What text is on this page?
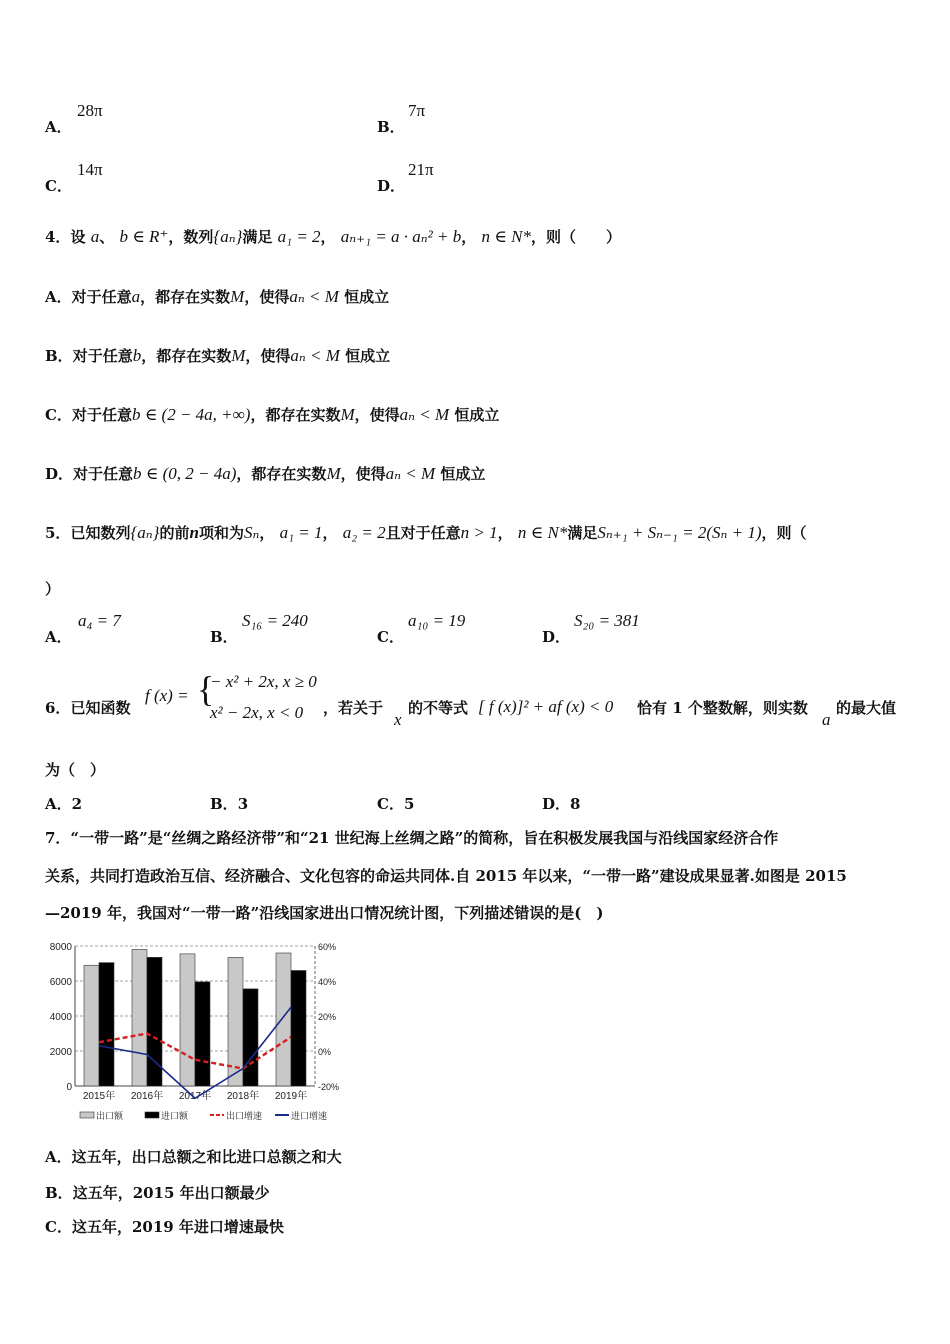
A．
28π
B．
7π
C．
14π
D．
21π
4．设 a、 b ∈ R⁺，数列{aₙ}满足 a₁ = 2， aₙ₊₁ = a · aₙ² + b， n ∈ N*，则（　　）
A．对于任意a，都存在实数M，使得aₙ < M 恒成立
B．对于任意b，都存在实数M，使得aₙ < M 恒成立
C．对于任意b ∈ (2 − 4a, +∞)，都存在实数M，使得aₙ < M 恒成立
D．对于任意b ∈ (0, 2 − 4a)，都存在实数M，使得aₙ < M 恒成立
5．已知数列{aₙ}的前n项和为Sₙ， a₁ = 1， a₂ = 2且对于任意n > 1， n ∈ N*满足Sₙ₊₁ + Sₙ₋₁ = 2(Sₙ + 1)，则（
）
A．
a₄ = 7
B．
S₁₆ = 240
C．
a₁₀ = 19
D．
S₂₀ = 381
6．已知函数
f (x) = {
− x² + 2x, x ≥ 0
x² − 2x, x < 0 ，若关于
x
的不等式 [ f (x)]² + af (x) < 0 恰有 1 个整数解，则实数
a
的最大值
为（　）
A．2	B．3	C．5	D．8
7．“一带一路”是“丝绸之路经济带”和“21 世纪海上丝绸之路”的简称，旨在积极发展我国与沿线国家经济合作
关系，共同打造政治互信、经济融合、文化包容的命运共同体.自 2015 年以来，“一带一路”建设成果显著.如图是 2015
—2019 年，我国对“一带一路”沿线国家进出口情况统计图，下列描述错误的是(　)
8000
6000
4000
2000
0
60%
40%
20%
0%
-20%
2015年 2016年 2017年 2018年 2019年
出口额	进口额	出口增速	进口增速
A．这五年，出口总额之和比进口总额之和大
B．这五年，2015 年出口额最少
C．这五年，2019 年进口增速最快
